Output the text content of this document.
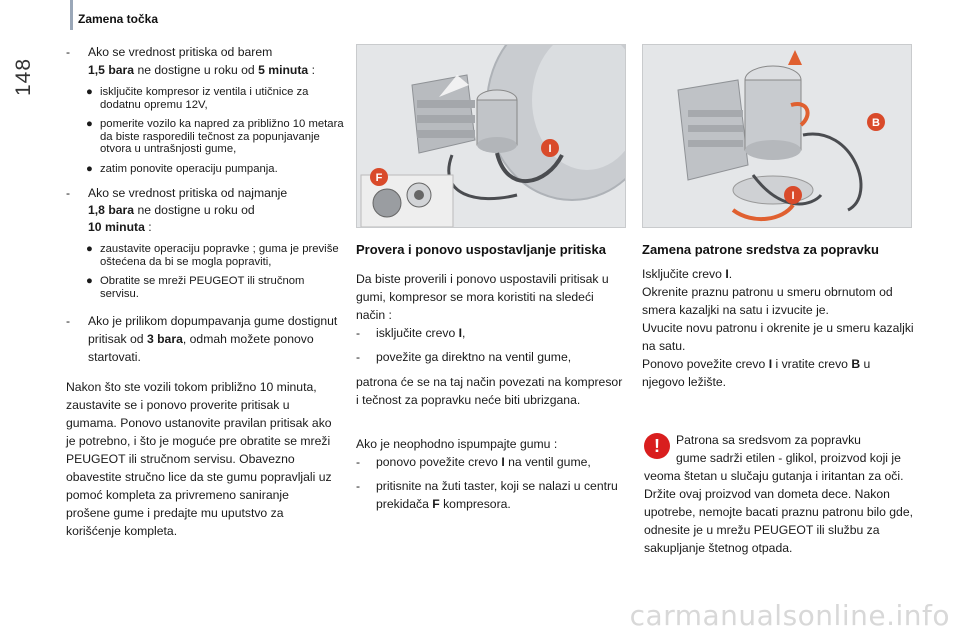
Zamena točka
148
- Ako se vrednost pritiska od barem

1,5 bara ne dostigne u roku od 5 minuta :

● isključite kompresor iz ventila i utičnice za dodatnu opremu 12V,
● pomerite vozilo ka napred za približno 10 metara da biste rasporedili tečnost za popunjavanje otvora u untrašnjosti gume,
● zatim ponovite operaciju pumpanja.
- Ako se vrednost pritiska od najmanje

1,8 bara ne dostigne u roku od

10 minuta :

● zaustavite operaciju popravke ; guma je previše oštećena da bi se mogla popraviti,
● Obratite se mreži PEUGEOT ili stručnom servisu.
- Ako je prilikom dopumpavanja gume dostignut pritisak od 3 bara, odmah možete ponovo startovati.

Nakon što ste vozili tokom približno 10 minuta, zaustavite se i ponovo proverite pritisak u gumama. Ponovo ustanovite pravilan pritisak ako je potrebno, i što je moguće pre obratite se mreži PEUGEOT ili stručnom servisu. Obavezno obavestite stručno lice da ste gumu popravljali uz pomoć kompleta za privremeno saniranje prošene gume i predajte mu uputstvo za korišćenje kompleta.

I
F
B
I

Provera i ponovo uspostavljanje pritiska

Da biste proverili i ponovo uspostavili pritisak u gumi, kompresor se mora koristiti na sledeći način :

- isključite crevo I,
- povežite ga direktno na ventil gume,

patrona će se na taj način povezati na kompresor i tečnost za popravku neće biti ubrizgana.

Ako je neophodno ispumpajte gumu :

- ponovo povežite crevo I na ventil gume,
- pritisnite na žuti taster, koji se nalazi u centru prekidača F kompresora.

Zamena patrone sredstva za popravku

Isključite crevo I.

Okrenite praznu patronu u smeru obrnutom od smera kazaljki na satu i izvucite je.

Uvucite novu patronu i okrenite je u smeru kazaljki na satu.

Ponovo povežite crevo I i vratite crevo B u njegovo ležište.

!	Patrona sa sredsvom za popravku

gume sadrži etilen - glikol, proizvod koji je veoma štetan u slučaju gutanja i iritantan za oči. Držite ovaj proizvod van dometa dece. Nakon upotrebe, nemojte bacati praznu patronu bilo gde, odnesite je u mrežu PEUGEOT ili službu za sakupljanje štetnog otpada.

carmanualsonline.info
